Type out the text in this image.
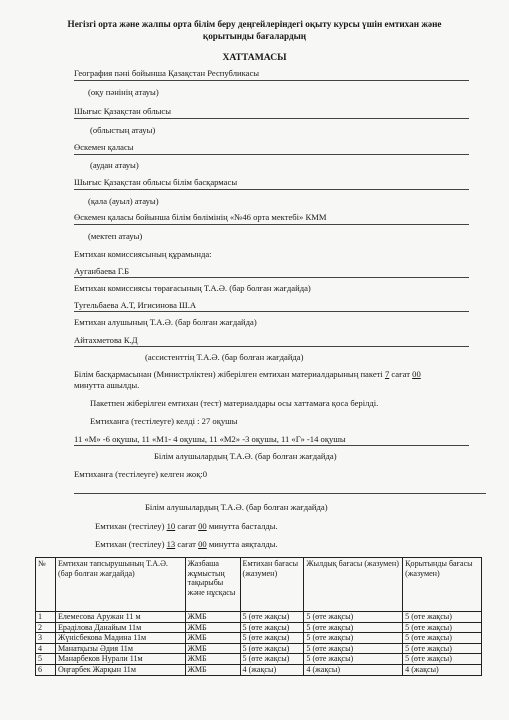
Негізгі орта және жалпы орта білім беру деңгейлеріндегі оқыту курсы үшін емтихан және
қорытынды бағалардың
ХАТТАМАСЫ
География пәні бойынша Қазақстан Республикасы
(оқу пәнінің атауы)
Шығыс Қазақстан облысы
(облыстың атауы)
Өскемен қаласы
(аудан атауы)
Шығыс Қазақстан облысы білім басқармасы
(қала (ауыл) атауы)
Өскемен қаласы бойынша білім бөлімінің «№46 орта мектебі» КММ
(мектеп атауы)
Емтихан комиссиясының құрамында:
Ауганбаева Г.Б
Емтихан комиссиясы төрағасының Т.А.Ә. (бар болған жағдайда)
Тугельбаева А.Т, Игисинова Ш.А
Емтихан алушының Т.А.Ә. (бар болған жағдайда)
Айтахметова К.Д
(ассистенттің Т.А.Ә. (бар болған жағдайда)
Білім басқармасынан (Министрліктен) жіберілген емтихан материалдарының пакеті 7 сағат 00
минутта ашылды.
Пакетпен жіберілген емтихан (тест) материалдары осы хаттамаға қоса берілді.
Емтиханға (тестілеуге) келді : 27 оқушы
11 «М» -6 оқушы, 11 «М1- 4 оқушы, 11 «М2» -3 оқушы, 11 «Г» -14 оқушы
Білім алушылардың Т.А.Ә. (бар болған жағдайда)
Емтиханға (тестілеуге) келген жоқ:0
Білім алушылардың Т.А.Ә. (бар болған жағдайда)
Емтихан (тестілеу) 10 сағат 00 минутта басталды.
Емтихан (тестілеу) 13 сағат 00 минутта аяқталды.
№	Емтихан тапсырушының Т.А.Ә. (бар болған жағдайда)	Жазбаша жұмыстың тақырыбы және нұсқасы	Емтихан бағасы (жазумен)	Жылдық бағасы (жазумен)	Қорытынды бағасы (жазумен)
1	Елемесова Аружан 11 м	ЖМБ	5 (өте жақсы)	5 (өте жақсы)	5 (өте жақсы)
2	Ерәділова Данайым 11м	ЖМБ	5 (өте жақсы)	5 (өте жақсы)	5 (өте жақсы)
3	Жүнісбекова Мадина 11м	ЖМБ	5 (өте жақсы)	5 (өте жақсы)	5 (өте жақсы)
4	Манатқызы Әдия 11м	ЖМБ	5 (өте жақсы)	5 (өте жақсы)	5 (өте жақсы)
5	Манарбеков Нурали 11м	ЖМБ	5 (өте жақсы)	5 (өте жақсы)	5 (өте жақсы)
6	Оңғарбек Жарқын 11м	ЖМБ	4 (жақсы)	4 (жақсы)	4 (жақсы)
